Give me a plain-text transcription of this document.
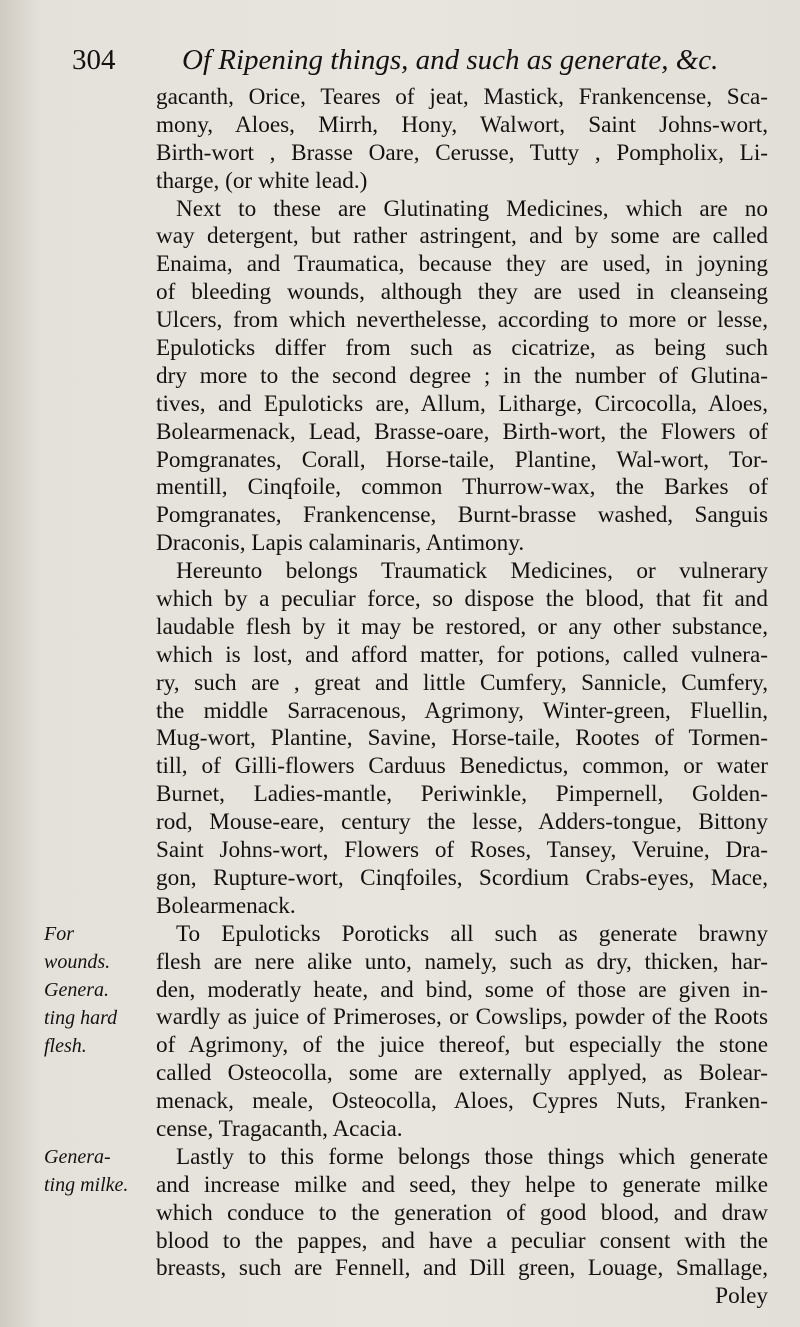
304 Of Ripening things, and such as generate, &c.
gacanth, Orice, Teares of jeat, Mastick, Frankencense, Sca-
mony, Aloes, Mirrh, Hony, Walwort, Saint Johns-wort,
Birth-wort , Brasse Oare, Cerusse, Tutty , Pompholix, Li-
tharge, (or white lead.)
Next to these are Glutinating Medicines, which are no
way detergent, but rather astringent, and by some are called
Enaima, and Traumatica, because they are used, in joyning
of bleeding wounds, although they are used in cleanseing
Ulcers, from which neverthelesse, according to more or lesse,
Epuloticks differ from such as cicatrize, as being such
dry more to the second degree ; in the number of Glutina-
tives, and Epuloticks are, Allum, Litharge, Circocolla, Aloes,
Bolearmenack, Lead, Brasse-oare, Birth-wort, the Flowers of
Pomgranates, Corall, Horse-taile, Plantine, Wal-wort, Tor-
mentill, Cinqfoile, common Thurrow-wax, the Barkes of
Pomgranates, Frankencense, Burnt-brasse washed, Sanguis
Draconis, Lapis calaminaris, Antimony.
Hereunto belongs Traumatick Medicines, or vulnerary
which by a peculiar force, so dispose the blood, that fit and
laudable flesh by it may be restored, or any other substance,
which is lost, and afford matter, for potions, called vulnera-
ry, such are , great and little Cumfery, Sannicle, Cumfery,
the middle Sarracenous, Agrimony, Winter-green, Fluellin,
Mug-wort, Plantine, Savine, Horse-taile, Rootes of Tormen-
till, of Gilli-flowers Carduus Benedictus, common, or water
Burnet, Ladies-mantle, Periwinkle, Pimpernell, Golden-
rod, Mouse-eare, century the lesse, Adders-tongue, Bittony
Saint Johns-wort, Flowers of Roses, Tansey, Veruine, Dra-
gon, Rupture-wort, Cinqfoiles, Scordium Crabs-eyes, Mace,
Bolearmenack.
To Epuloticks Poroticks all such as generate brawny
flesh are nere alike unto, namely, such as dry, thicken, har-
den, moderatly heate, and bind, some of those are given in-
wardly as juice of Primeroses, or Cowslips, powder of the Roots
of Agrimony, of the juice thereof, but especially the stone
called Osteocolla, some are externally applyed, as Bolear-
menack, meale, Osteocolla, Aloes, Cypres Nuts, Franken-
cense, Tragacanth, Acacia.
Lastly to this forme belongs those things which generate
and increase milke and seed, they helpe to generate milke
which conduce to the generation of good blood, and draw
blood to the pappes, and have a peculiar consent with the
breasts, such are Fennell, and Dill green, Louage, Smallage,
Poley
For
wounds.
Genera.
ting hard
flesh.
Genera-
ting milke.
